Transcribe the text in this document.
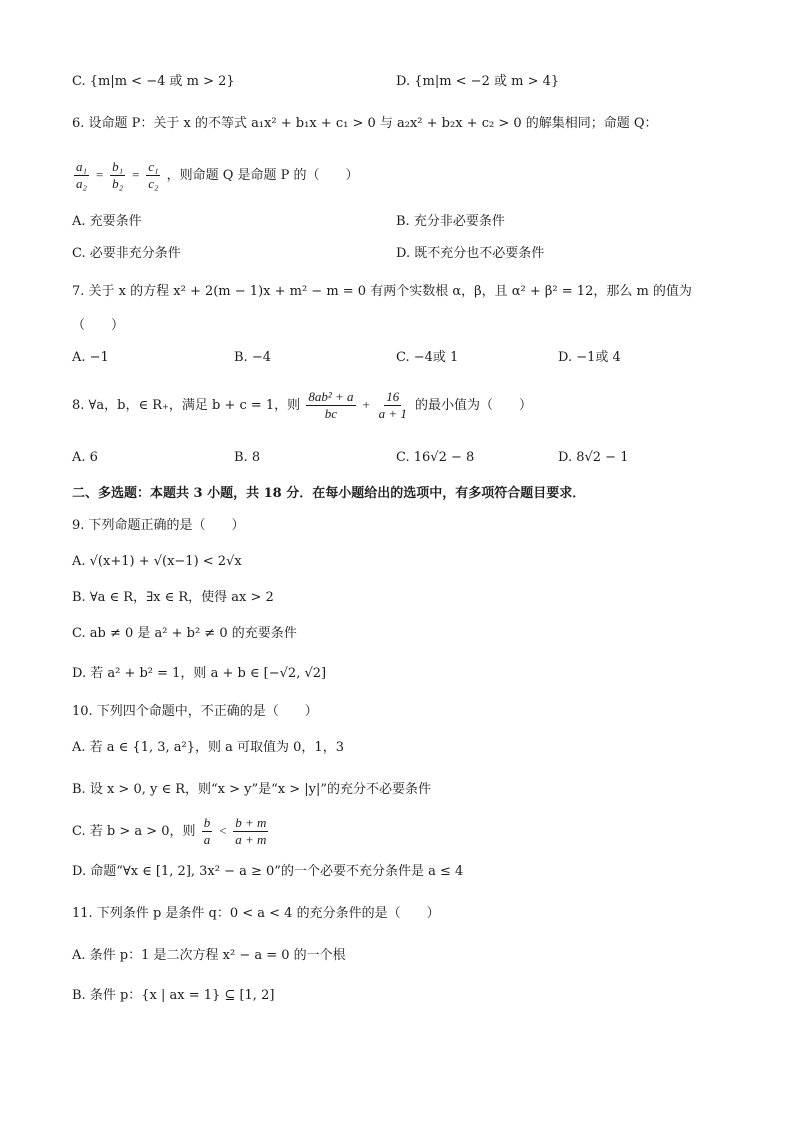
C. {m|m < −4 或 m > 2}	D. {m|m < −2 或 m > 4}
6. 设命题 P：关于 x 的不等式 a₁x² + b₁x + c₁ > 0 与 a₂x² + b₂x + c₂ > 0 的解集相同；命题 Q：
$\frac{\text{a₁}}{\text{a₂}} = \frac{\text{b₁}}{\text{b₂}} = \frac{\text{c₁}}{\text{c₂}}$ ，则命题 Q 是命题 P 的（　　）
A. 充要条件	B. 充分非必要条件
C. 必要非充分条件	D. 既不充分也不必要条件
7. 关于 x 的方程 x² + 2(m − 1)x + m² − m = 0 有两个实数根 α，β，且 α² + β² = 12，那么 m 的值为
（　　）
A. −1	B. −4	C. −4或 1	D. −1或 4
8. ∀a，b，∈ R₊，满足 b + c = 1，则 $\frac{\text{8ab² + a}}{bc} + \frac{16}{a + 1}$ 的最小值为（　　）
A. 6	B. 8	C. 16√2 − 8	D. 8√2 − 1
二、多选题：本题共 3 小题，共 18 分．在每小题给出的选项中，有多项符合题目要求．
9. 下列命题正确的是（　　）
A. √(x+1) + √(x−1) < 2√x
B. ∀a ∈ R，∃x ∈ R，使得 ax > 2
C. ab ≠ 0 是 a² + b² ≠ 0 的充要条件
D. 若 a² + b² = 1，则 a + b ∈ [−√2, √2]
10. 下列四个命题中，不正确的是（　　）
A. 若 a ∈ {1, 3, a²}，则 a 可取值为 0，1，3
B. 设 x > 0, y ∈ R，则“x > y”是“x > |y|”的充分不必要条件
C. 若 b > a > 0，则 $\frac{b}{a} < \frac{b + m}{a + m}$
D. 命题“∀x ∈ [1, 2], 3x² − a ≥ 0”的一个必要不充分条件是 a ≤ 4
11. 下列条件 p 是条件 q：0 < a < 4 的充分条件的是（　　）
A. 条件 p：1 是二次方程 x² − a = 0 的一个根
B. 条件 p：{x | ax = 1} ⊆ [1, 2]
